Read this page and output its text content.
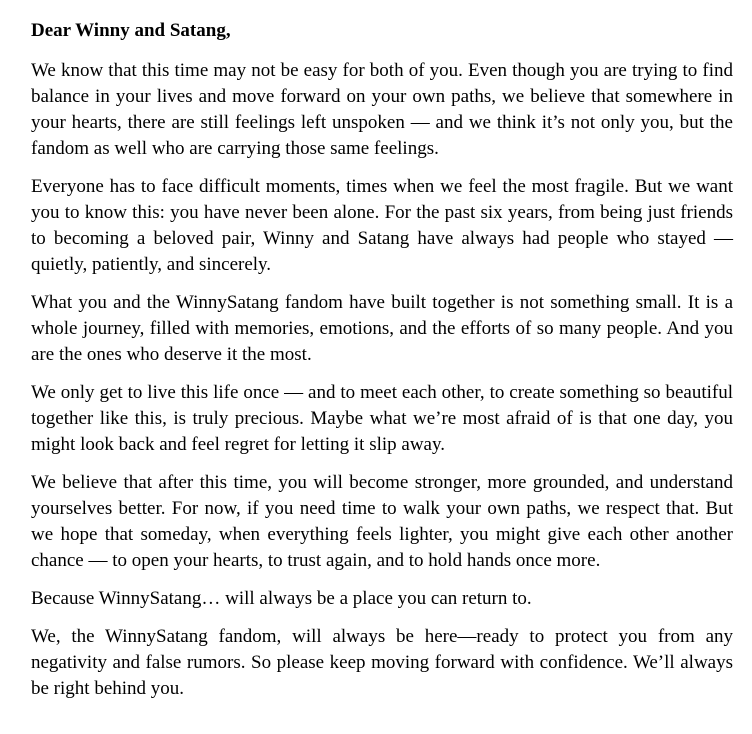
Dear Winny and Satang,

We know that this time may not be easy for both of you. Even though you are trying to find balance in your lives and move forward on your own paths, we believe that somewhere in your hearts, there are still feelings left unspoken — and we think it’s not only you, but the fandom as well who are carrying those same feelings.

Everyone has to face difficult moments, times when we feel the most fragile. But we want you to know this: you have never been alone. For the past six years, from being just friends to becoming a beloved pair, Winny and Satang have always had people who stayed — quietly, patiently, and sincerely.

What you and the WinnySatang fandom have built together is not something small. It is a whole journey, filled with memories, emotions, and the efforts of so many people. And you are the ones who deserve it the most.

We only get to live this life once — and to meet each other, to create something so beautiful together like this, is truly precious. Maybe what we’re most afraid of is that one day, you might look back and feel regret for letting it slip away.

We believe that after this time, you will become stronger, more grounded, and understand yourselves better. For now, if you need time to walk your own paths, we respect that. But we hope that someday, when everything feels lighter, you might give each other another chance — to open your hearts, to trust again, and to hold hands once more.

Because WinnySatang… will always be a place you can return to.

We, the WinnySatang fandom, will always be here—ready to protect you from any negativity and false rumors. So please keep moving forward with confidence. We’ll always be right behind you.
